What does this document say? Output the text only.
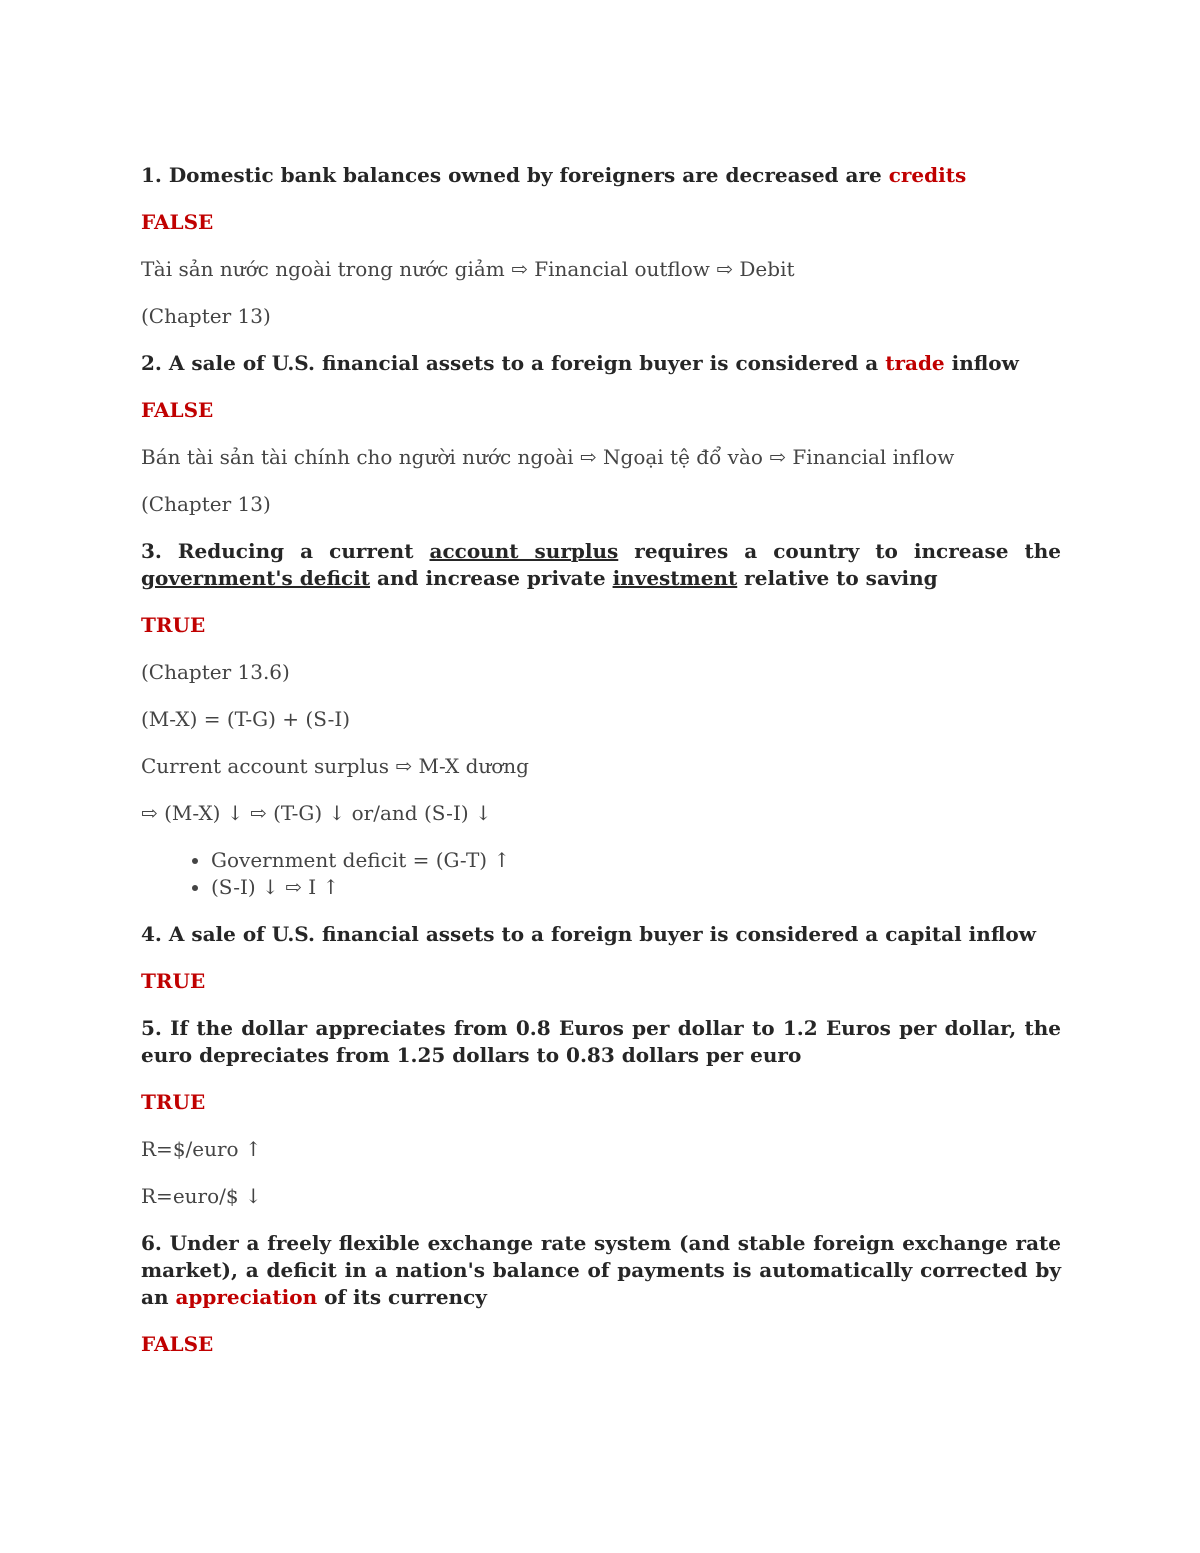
1. Domestic bank balances owned by foreigners are decreased are credits

FALSE

Tài sản nước ngoài trong nước giảm ⇨ Financial outflow ⇨ Debit

(Chapter 13)

2. A sale of U.S. financial assets to a foreign buyer is considered a trade inflow

FALSE

Bán tài sản tài chính cho người nước ngoài ⇨ Ngoại tệ đổ vào ⇨ Financial inflow

(Chapter 13)

3. Reducing a current account surplus requires a country to increase the government's deficit and increase private investment relative to saving

TRUE

(Chapter 13.6)

(M-X) = (T-G) + (S-I)

Current account surplus ⇨ M-X dương

⇨ (M-X) ↓ ⇨ (T-G) ↓ or/and (S-I) ↓

• Government deficit = (G-T) ↑
• (S-I) ↓ ⇨ I ↑

4. A sale of U.S. financial assets to a foreign buyer is considered a capital inflow

TRUE

5. If the dollar appreciates from 0.8 Euros per dollar to 1.2 Euros per dollar, the euro depreciates from 1.25 dollars to 0.83 dollars per euro

TRUE

R=$/euro ↑

R=euro/$ ↓

6. Under a freely flexible exchange rate system (and stable foreign exchange rate market), a deficit in a nation's balance of payments is automatically corrected by an appreciation of its currency

FALSE
